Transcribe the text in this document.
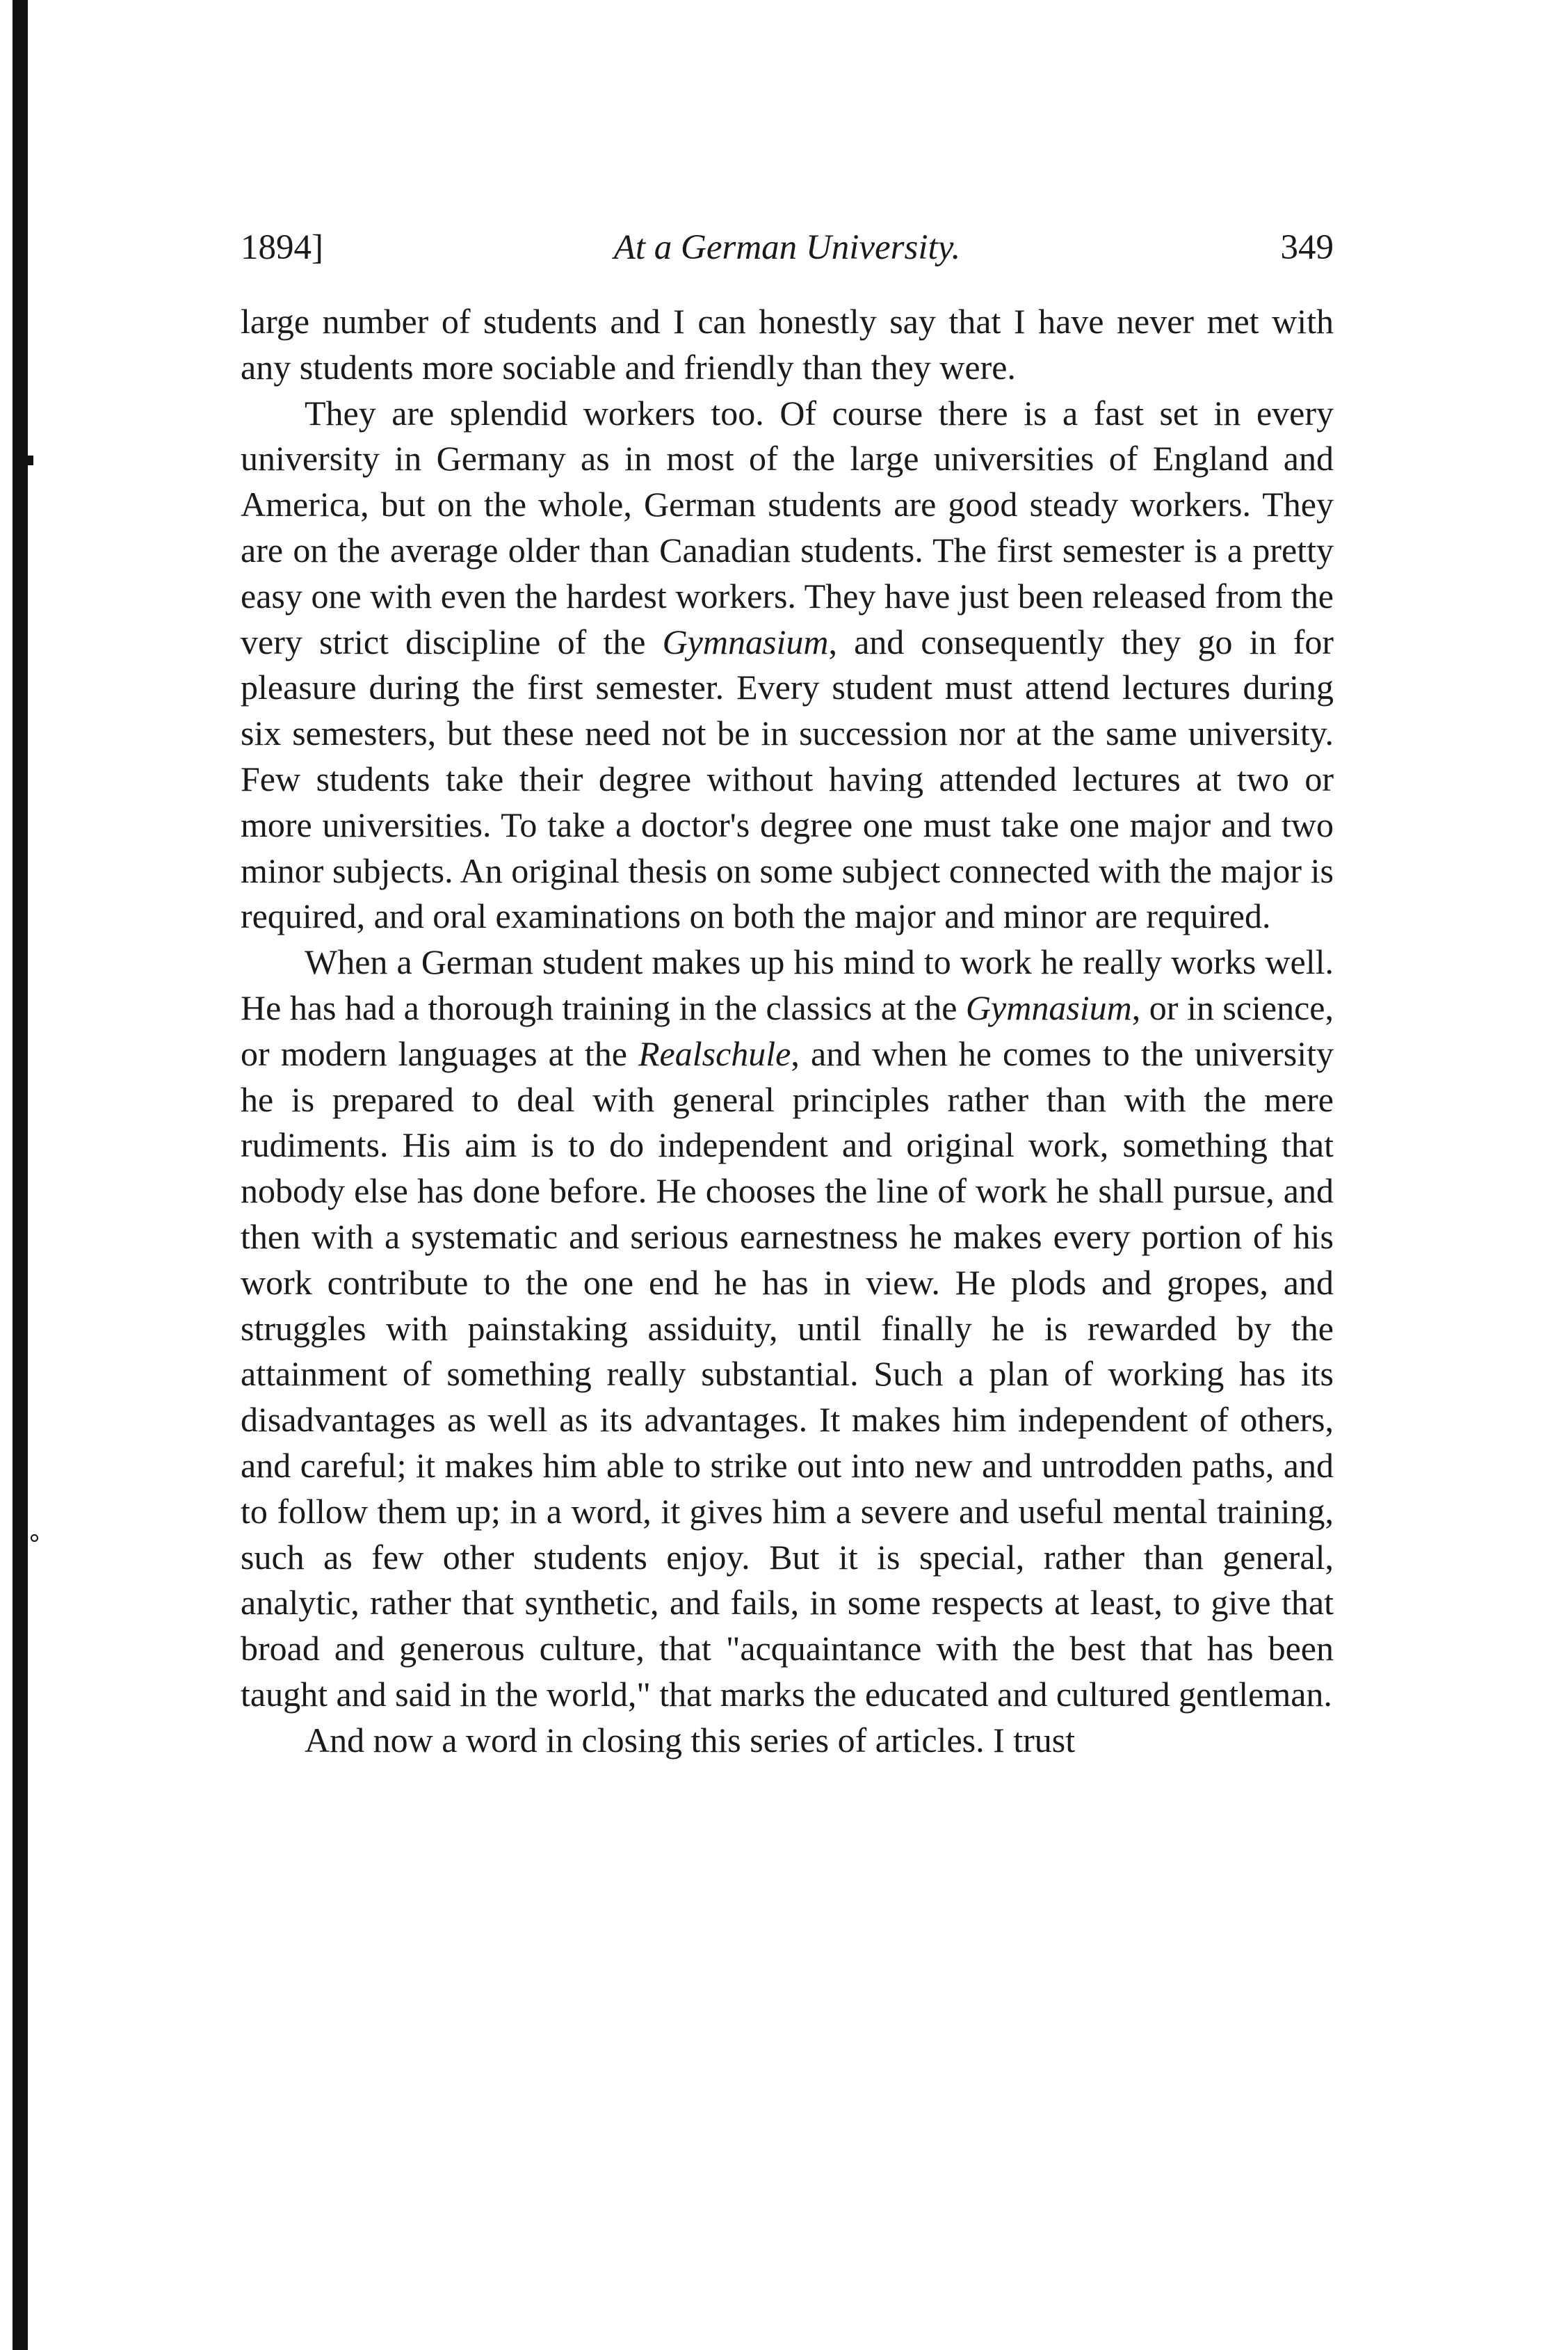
1894]	At a German University.	349

large number of students and I can honestly say that I have never met with any students more sociable and friendly than they were.

They are splendid workers too. Of course there is a fast set in every university in Germany as in most of the large universities of England and America, but on the whole, German students are good steady workers. They are on the average older than Canadian students. The first semester is a pretty easy one with even the hardest workers. They have just been released from the very strict discipline of the Gymnasium, and consequently they go in for pleasure during the first semester. Every student must attend lectures during six semesters, but these need not be in succession nor at the same university. Few students take their degree without having attended lectures at two or more universities. To take a doctor's degree one must take one major and two minor subjects. An original thesis on some subject connected with the major is required, and oral examinations on both the major and minor are required.

When a German student makes up his mind to work he really works well. He has had a thorough training in the classics at the Gymnasium, or in science, or modern languages at the Realschule, and when he comes to the university he is prepared to deal with general principles rather than with the mere rudiments. His aim is to do independent and original work, something that nobody else has done before. He chooses the line of work he shall pursue, and then with a systematic and serious earnestness he makes every portion of his work contribute to the one end he has in view. He plods and gropes, and struggles with painstaking assiduity, until finally he is rewarded by the attainment of something really substantial. Such a plan of working has its disadvantages as well as its advantages. It makes him independent of others, and careful; it makes him able to strike out into new and untrodden paths, and to follow them up; in a word, it gives him a severe and useful mental training, such as few other students enjoy. But it is special, rather than general, analytic, rather that synthetic, and fails, in some respects at least, to give that broad and generous culture, that "acquaintance with the best that has been taught and said in the world," that marks the educated and cultured gentleman.

And now a word in closing this series of articles. I trust
